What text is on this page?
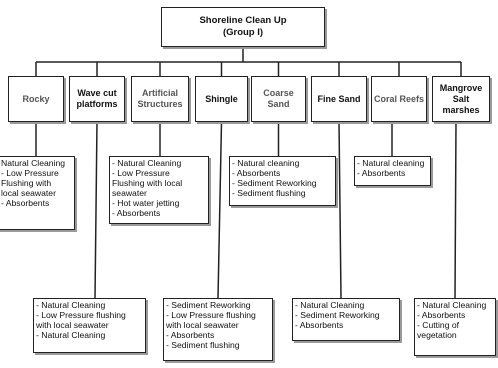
Shoreline Clean Up
(Group I)
Rocky
Wave cut
platforms
Artificial
Structures
Shingle
Coarse
Sand
Fine Sand Coral Reefs
Mangrove
Salt
marshes
Natural Cleaning
- Low Pressure
Flushing with
local seawater
- Absorbents
- Natural Cleaning
- Low Pressure
Flushing with local
seawater
- Hot water jetting
- Absorbents
- Natural cleaning
- Absorbents
- Sediment Reworking
- Sediment flushing
- Natural cleaning
- Absorbents
- Natural Cleaning
- Low Pressure flushing
with local seawater
- Natural Cleaning
- Sediment Reworking
- Low Pressure flushing
with local seawater
- Absorbents
- Sediment flushing
- Natural Cleaning
- Sediment Reworking
- Absorbents
- Natural Cleaning
- Absorbents
- Cutting of
vegetation
